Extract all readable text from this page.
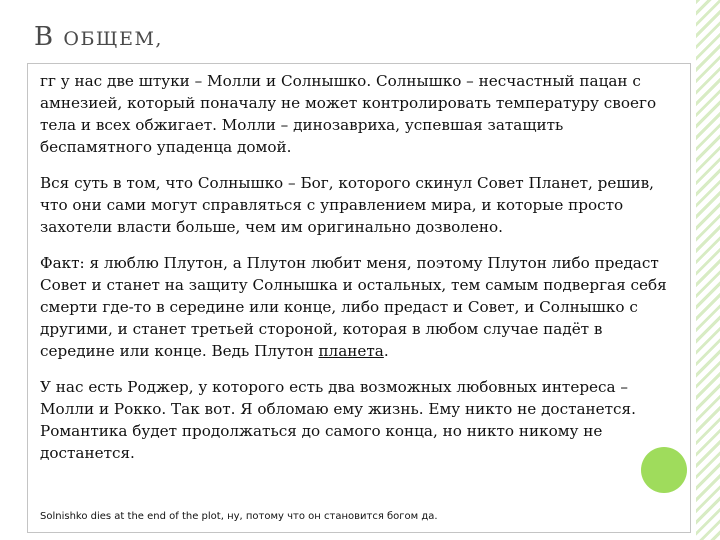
В ОБЩЕМ,

гг у нас две штуки – Молли и Солнышко. Солнышко – несчастный пацан с амнезией, который поначалу не может контролировать температуру своего тела и всех обжигает. Молли – динозавриха, успевшая затащить беспамятного упаденца домой.

Вся суть в том, что Солнышко – Бог, которого скинул Совет Планет, решив, что они сами могут справляться с управлением мира, и которые просто захотели власти больше, чем им оригинально дозволено.

Факт: я люблю Плутон, а Плутон любит меня, поэтому Плутон либо предаст Совет и станет на защиту Солнышка и остальных, тем самым подвергая себя смерти где-то в середине или конце, либо предаст и Совет, и Солнышко с другими, и станет третьей стороной, которая в любом случае падёт в середине или конце. Ведь Плутон планета.

У нас есть Роджер, у которого есть два возможных любовных интереса – Молли и Рокко. Так вот. Я обломаю ему жизнь. Ему никто не достанется. Романтика будет продолжаться до самого конца, но никто никому не достанется.

Solnishko dies at the end of the plot, ну, потому что он становится богом да.
